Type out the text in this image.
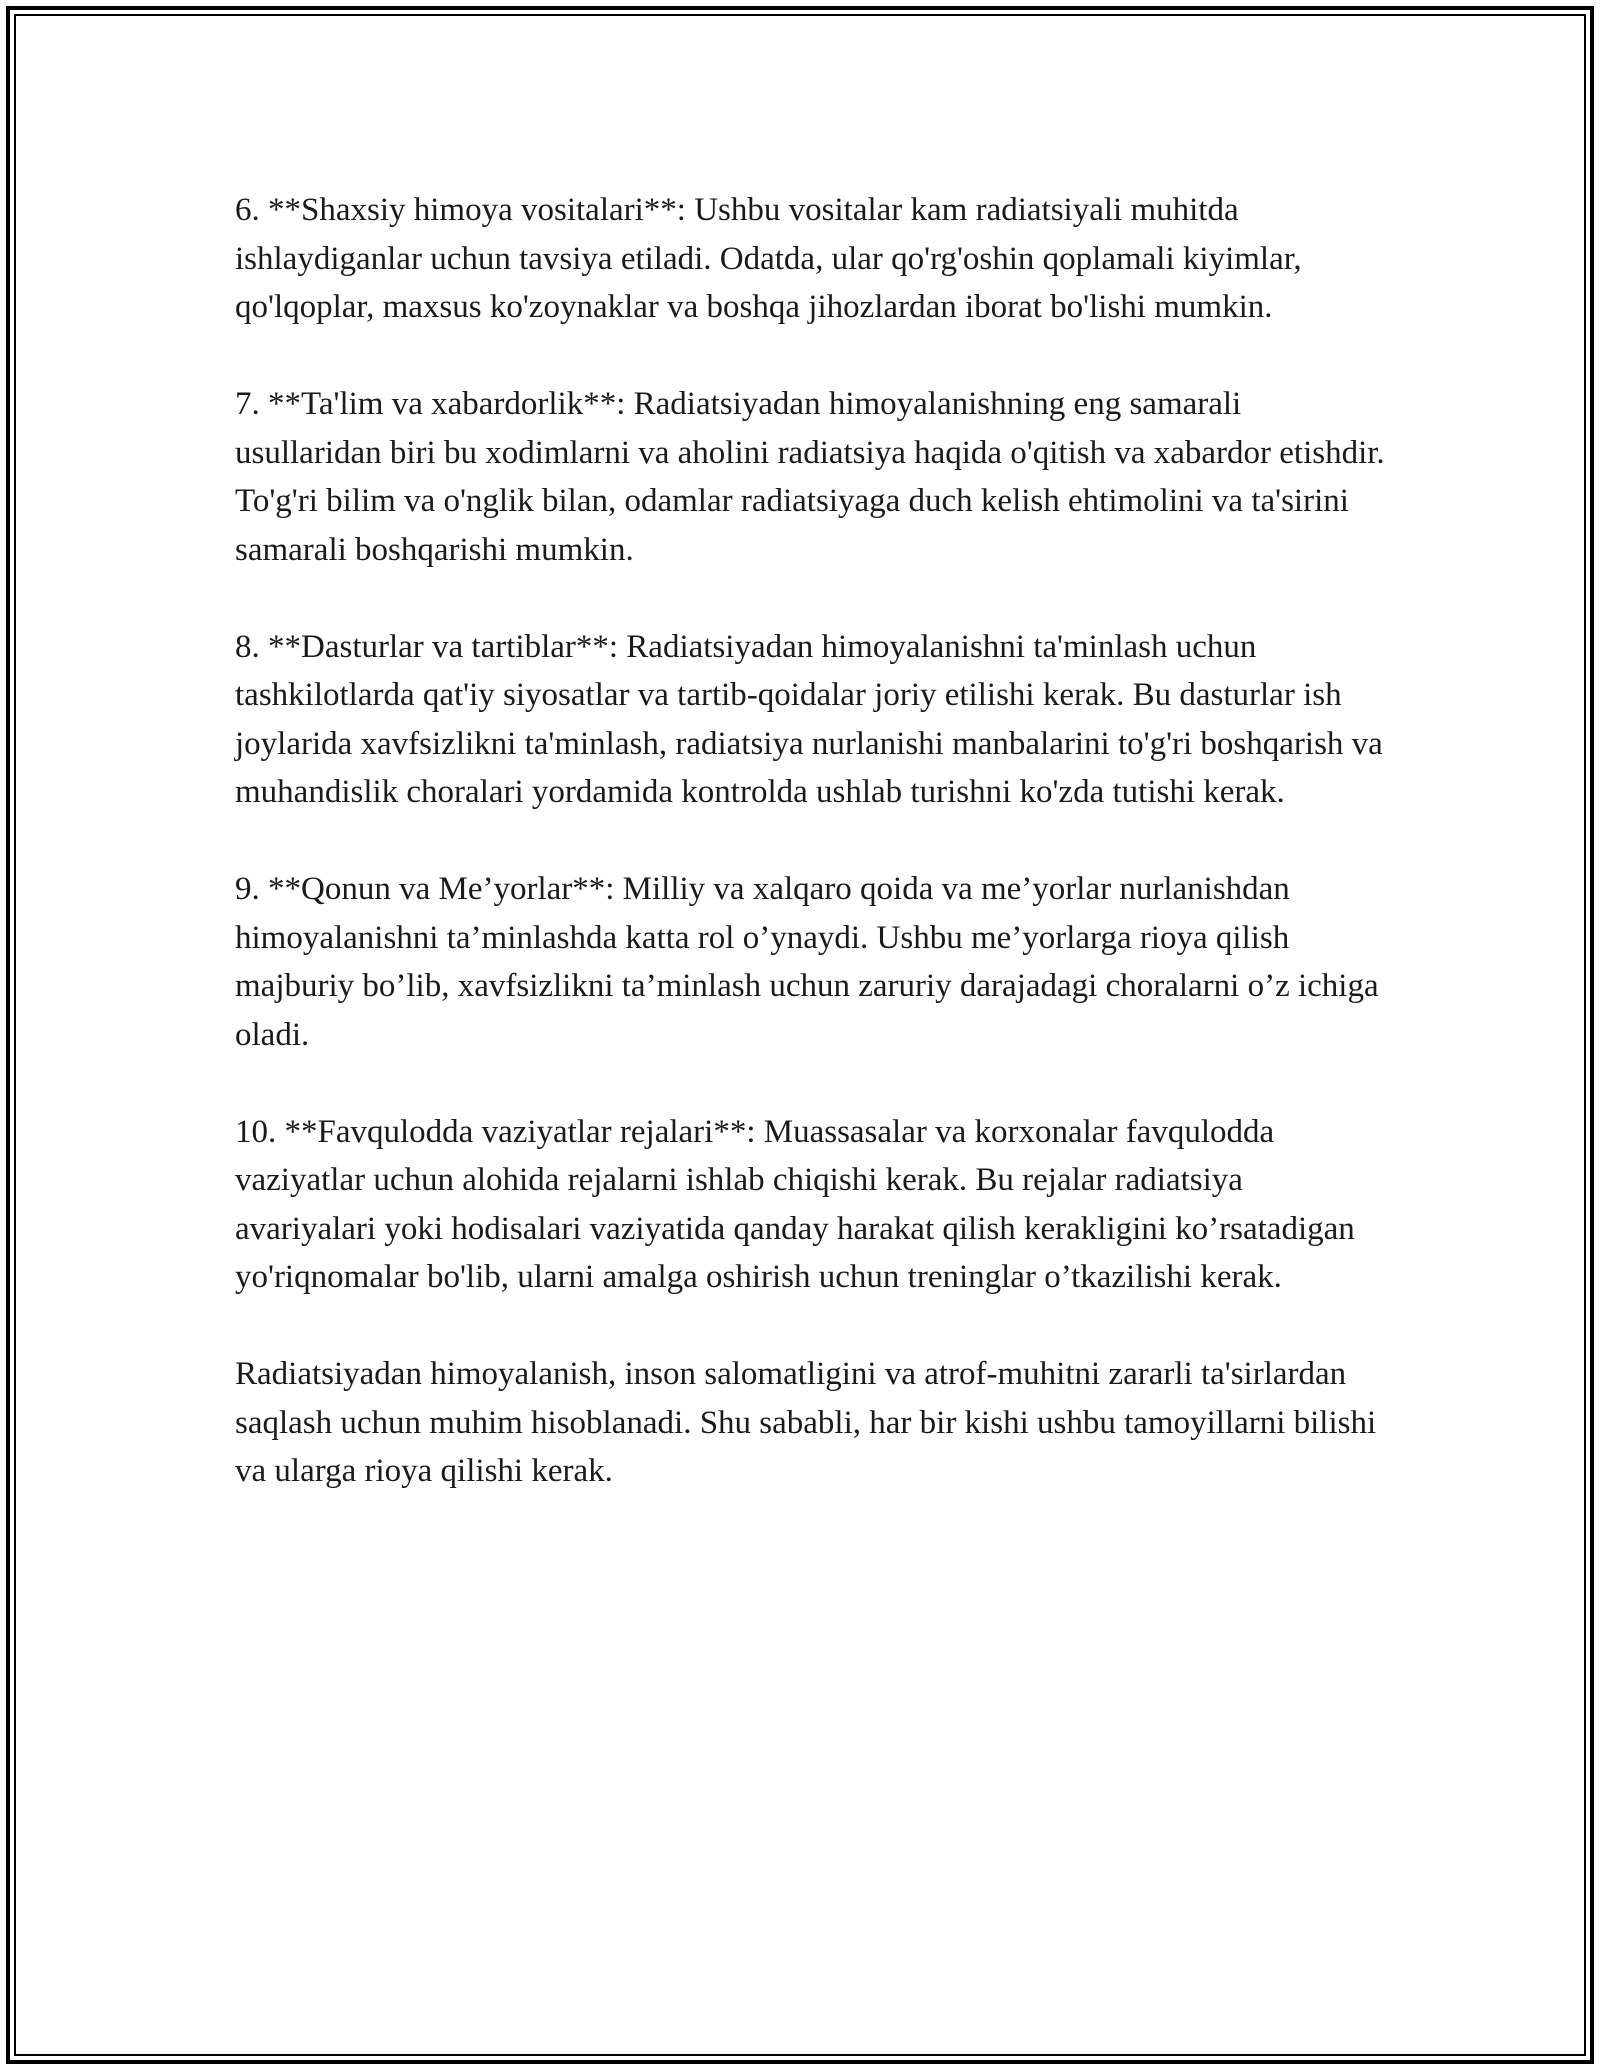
6. **Shaxsiy himoya vositalari**: Ushbu vositalar kam radiatsiyali muhitda ishlaydiganlar uchun tavsiya etiladi. Odatda, ular qo'rg'oshin qoplamali kiyimlar, qo'lqoplar, maxsus ko'zoynaklar va boshqa jihozlardan iborat bo'lishi mumkin.

7. **Ta'lim va xabardorlik**: Radiatsiyadan himoyalanishning eng samarali usullaridan biri bu xodimlarni va aholini radiatsiya haqida o'qitish va xabardor etishdir. To'g'ri bilim va o'nglik bilan, odamlar radiatsiyaga duch kelish ehtimolini va ta'sirini samarali boshqarishi mumkin.

8. **Dasturlar va tartiblar**: Radiatsiyadan himoyalanishni ta'minlash uchun tashkilotlarda qat'iy siyosatlar va tartib-qoidalar joriy etilishi kerak. Bu dasturlar ish joylarida xavfsizlikni ta'minlash, radiatsiya nurlanishi manbalarini to'g'ri boshqarish va muhandislik choralari yordamida kontrolda ushlab turishni ko'zda tutishi kerak.

9. **Qonun va Me’yorlar**: Milliy va xalqaro qoida va me’yorlar nurlanishdan himoyalanishni ta’minlashda katta rol o’ynaydi. Ushbu me’yorlarga rioya qilish majburiy bo’lib, xavfsizlikni ta’minlash uchun zaruriy darajadagi choralarni o’z ichiga oladi.

10. **Favqulodda vaziyatlar rejalari**: Muassasalar va korxonalar favqulodda vaziyatlar uchun alohida rejalarni ishlab chiqishi kerak. Bu rejalar radiatsiya avariyalari yoki hodisalari vaziyatida qanday harakat qilish kerakligini ko’rsatadigan yo'riqnomalar bo'lib, ularni amalga oshirish uchun treninglar o’tkazilishi kerak.

Radiatsiyadan himoyalanish, inson salomatligini va atrof-muhitni zararli ta'sirlardan saqlash uchun muhim hisoblanadi. Shu sababli, har bir kishi ushbu tamoyillarni bilishi va ularga rioya qilishi kerak.
